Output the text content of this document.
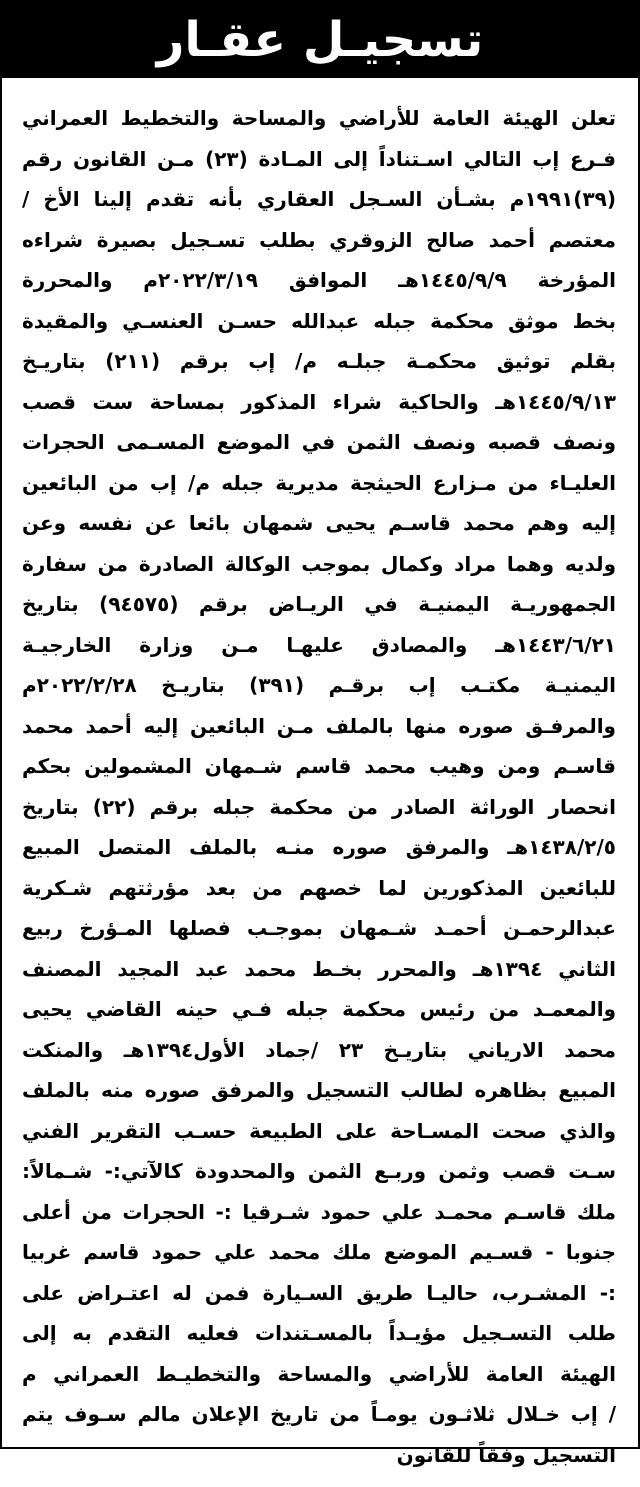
تسجيـل عقـار
تعلن الهيئة العامة للأراضي والمساحة والتخطيط العمراني
فـرع إب التالي اسـتناداً إلى المـادة (٢٣) مـن القانون رقم
(٣٩)١٩٩١م بشـأن السـجل العقاري بأنه تقدم إلينا الأخ /
معتصم أحمد صالح الزوقري بطلب تسـجيل بصيرة شراءه
المؤرخة ١٤٤٥/٩/٩هـ الموافق ٢٠٢٢/٣/١٩م والمحررة
بخط موثق محكمة جبله عبدالله حسـن العنسـي والمقيدة
بقلم توثيق محكمـة جبلـه م/ إب برقم (٢١١) بتاريـخ
١٤٤٥/٩/١٣هـ والحاكية شراء المذكور بمساحة ست قصب
ونصف قصبه ونصف الثمن في الموضع المسـمى الحجرات
العليـاء من مـزارع الحيثجة مديرية جبله م/ إب من البائعين
إليه وهم محمد قاسـم يحيى شمهان بائعا عن نفسه وعن
ولديه وهما مراد وكمال بموجب الوكالة الصادرة من سفارة
الجمهوريـة اليمنيـة في الريـاض برقم (٩٤٥٧٥) بتاريخ
١٤٤٣/٦/٢١هـ والمصادق عليهـا مـن وزارة الخارجيـة
اليمنيـة مكتـب إب برقـم (٣٩١) بتاريـخ ٢٠٢٢/٢/٢٨م
والمرفـق صوره منها بالملف مـن البائعين إليه أحمد محمد
قاسـم ومن وهيب محمد قاسم شـمهان المشمولين بحكم
انحصار الوراثة الصادر من محكمة جبله برقم (٢٢) بتاريخ
١٤٣٨/٢/٥هـ والمرفق صوره منـه بالملف المتصل المبيع
للبائعين المذكورين لما خصهم من بعد مؤرثتهم شـكرية
عبدالرحمـن أحمـد شـمهان بموجـب فصلها المـؤرخ ربيع
الثاني ١٣٩٤هـ والمحرر بخـط محمد عبد المجيد المصنف
والمعمـد من رئيس محكمة جبله فـي حينه القاضي يحيى
محمد الارياني بتاريـخ ٢٣ /جماد الأول١٣٩٤هـ والمنكت
المبيع بظاهره لطالب التسجيل والمرفق صوره منه بالملف
والذي صحت المسـاحة على الطبيعة حسـب التقرير الفني
سـت قصب وثمن وربـع الثمن والمحدودة كالآتي:- شـمالاً:
ملك قاسـم محمـد علي حمود شـرقيا :- الحجرات من أعلى
جنوبا - قسـيم الموضع ملك محمد علي حمود قاسم غربيا
:- المشـرب، حاليـا طريق السـيارة فمن له اعتـراض على
طلب التسـجيل مؤيـداً بالمسـتندات فعليه التقدم به إلى
الهيئة العامة للأراضي والمساحة والتخطيـط العمراني م
/ إب خـلال ثلاثـون يومـاً من تاريخ الإعلان مالم سـوف يتم
التسجيل وفقاً للقانون
